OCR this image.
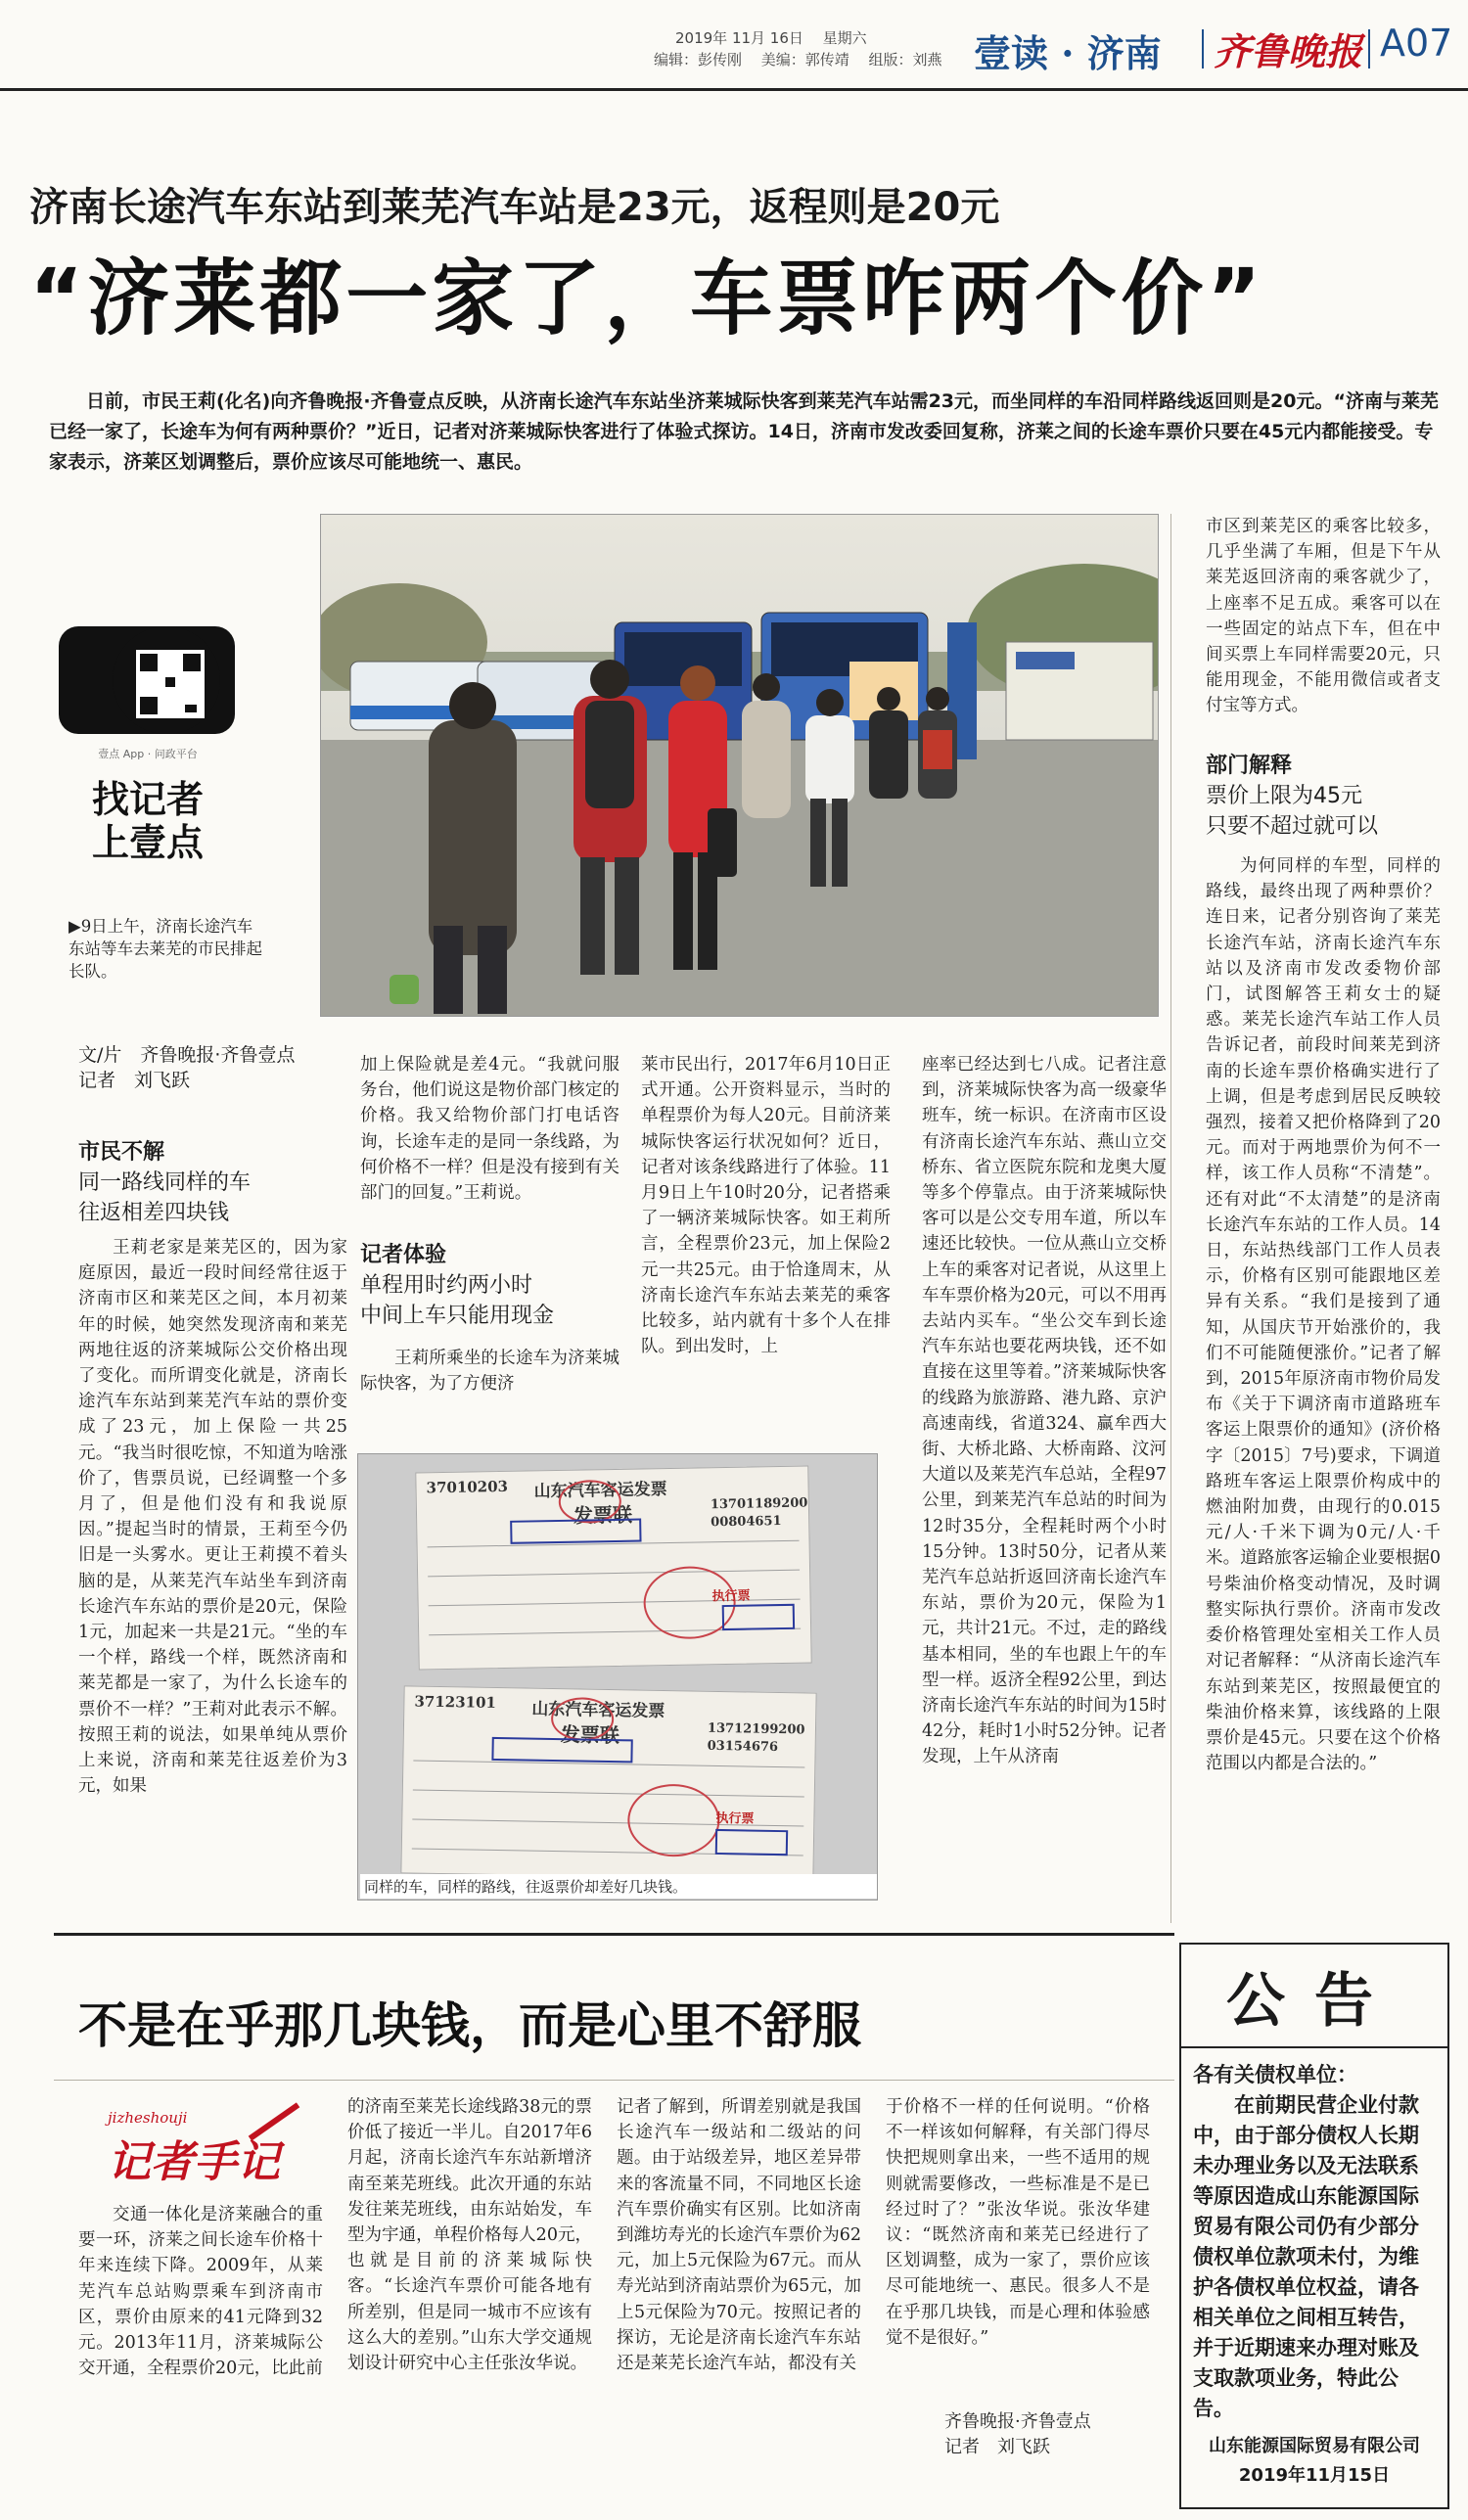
2019年 11月 16日　 星期六
编辑：彭传刚　 美编：郭传靖　 组版：刘燕 壹读 · 济南 齐鲁晚报 A07
济南长途汽车东站到莱芜汽车站是23元，返程则是20元
“济莱都一家了，车票咋两个价”
日前，市民王莉(化名)向齐鲁晚报·齐鲁壹点反映，从济南长途汽车东站坐济莱城际快客到莱芜汽车站需23元，而坐同样的车沿同样路线返回则是20元。“济南与莱芜已经一家了，长途车为何有两种票价？”近日，记者对济莱城际快客进行了体验式探访。14日，济南市发改委回复称，济莱之间的长途车票价只要在45元内都能接受。专家表示，济莱区划调整后，票价应该尽可能地统一、惠民。
壹点 App · 问政平台
找记者
上壹点
▶9日上午，济南长途汽车东站等车去莱芜的市民排起长队。
文/片　齐鲁晚报·齐鲁壹点
记者　刘飞跃
市民不解
同一路线同样的车
往返相差四块钱
王莉老家是莱芜区的，因为家庭原因，最近一段时间经常往返于济南市区和莱芜区之间，本月初莱年的时候，她突然发现济南和莱芜两地往返的济莱城际公交价格出现了变化。而所谓变化就是，济南长途汽车东站到莱芜汽车站的票价变成了23元，加上保险一共25元。“我当时很吃惊，不知道为啥涨价了，售票员说，已经调整一个多月了，但是他们没有和我说原因。”提起当时的情景，王莉至今仍旧是一头雾水。更让王莉摸不着头脑的是，从莱芜汽车站坐车到济南长途汽车东站的票价是20元，保险1元，加起来一共是21元。“坐的车一个样，路线一个样，既然济南和莱芜都是一家了，为什么长途车的票价不一样？”王莉对此表示不解。按照王莉的说法，如果单纯从票价上来说，济南和莱芜往返差价为3元，如果
加上保险就是差4元。“我就问服务台，他们说这是物价部门核定的价格。我又给物价部门打电话咨询，长途车走的是同一条线路，为何价格不一样？但是没有接到有关部门的回复。”王莉说。
记者体验
单程用时约两小时
中间上车只能用现金
王莉所乘坐的长途车为济莱城际快客，为了方便济
莱市民出行，2017年6月10日正式开通。公开资料显示，当时的单程票价为每人20元。目前济莱城际快客运行状况如何？近日，记者对该条线路进行了体验。11月9日上午10时20分，记者搭乘了一辆济莱城际快客。如王莉所言，全程票价23元，加上保险2元一共25元。由于恰逢周末，从济南长途汽车东站去莱芜的乘客比较多，站内就有十多个人在排队。到出发时，上
座率已经达到七八成。记者注意到，济莱城际快客为高一级豪华班车，统一标识。在济南市区设有济南长途汽车东站、燕山立交桥东、省立医院东院和龙奥大厦等多个停靠点。由于济莱城际快客可以是公交专用车道，所以车速还比较快。一位从燕山立交桥上车的乘客对记者说，从这里上车车票价格为20元，可以不用再去站内买车。“坐公交车到长途汽车东站也要花两块钱，还不如直接在这里等着。”济莱城际快客的线路为旅游路、港九路、京沪高速南线，省道324、赢牟西大街、大桥北路、大桥南路、汶河大道以及莱芜汽车总站，全程97公里，到莱芜汽车总站的时间为12时35分，全程耗时两个小时15分钟。13时50分，记者从莱芜汽车总站折返回济南长途汽车东站，票价为20元，保险为1元，共计21元。不过，走的路线基本相同，坐的车也跟上午的车型一样。返济全程92公里，到达济南长途汽车东站的时间为15时42分，耗时1小时52分钟。记者发现，上午从济南
市区到莱芜区的乘客比较多，几乎坐满了车厢，但是下午从莱芜返回济南的乘客就少了，上座率不足五成。乘客可以在一些固定的站点下车，但在中间买票上车同样需要20元，只能用现金，不能用微信或者支付宝等方式。
部门解释
票价上限为45元
只要不超过就可以
为何同样的车型，同样的路线，最终出现了两种票价？连日来，记者分别咨询了莱芜长途汽车站，济南长途汽车东站以及济南市发改委物价部门，试图解答王莉女士的疑惑。莱芜长途汽车站工作人员告诉记者，前段时间莱芜到济南的长途车票价格确实进行了上调，但是考虑到居民反映较强烈，接着又把价格降到了20元。而对于两地票价为何不一样，该工作人员称“不清楚”。还有对此“不太清楚”的是济南长途汽车东站的工作人员。14日，东站热线部门工作人员表示，价格有区别可能跟地区差异有关系。“我们是接到了通知，从国庆节开始涨价的，我们不可能随便涨价。”记者了解到，2015年原济南市物价局发布《关于下调济南市道路班车客运上限票价的通知》(济价格字〔2015〕7号)要求，下调道路班车客运上限票价构成中的燃油附加费，由现行的0.015元/人·千米下调为0元/人·千米。道路旅客运输企业要根据0号柴油价格变动情况，及时调整实际执行票价。济南市发改委价格管理处室相关工作人员对记者解释：“从济南长途汽车东站到莱芜区，按照最便宜的柴油价格来算，该线路的上限票价是45元。只要在这个价格范围以内都是合法的。”
37010203 山东汽车客运发票
发票联	13701189200
00804651
执行票
37123101 山东汽车客运发票
发票联	13712199200
03154676
执行票
同样的车，同样的路线，往返票价却差好几块钱。
不是在乎那几块钱，而是心里不舒服
jizheshouji
记者手记
交通一体化是济莱融合的重要一环，济莱之间长途车价格十年来连续下降。2009年，从莱芜汽车总站购票乘车到济南市区，票价由原来的41元降到32元。2013年11月，济莱城际公交开通，全程票价20元，比此前
的济南至莱芜长途线路38元的票价低了接近一半儿。自2017年6月起，济南长途汽车东站新增济南至莱芜班线。此次开通的东站发往莱芜班线，由东站始发，车型为宇通，单程价格每人20元，也就是目前的济莱城际快客。“长途汽车票价可能各地有所差别，但是同一城市不应该有这么大的差别。”山东大学交通规划设计研究中心主任张汝华说。
记者了解到，所谓差别就是我国长途汽车一级站和二级站的问题。由于站级差异，地区差异带来的客流量不同，不同地区长途汽车票价确实有区别。比如济南到潍坊寿光的长途汽车票价为62元，加上5元保险为67元。而从寿光站到济南站票价为65元，加上5元保险为70元。按照记者的探访，无论是济南长途汽车东站还是莱芜长途汽车站，都没有关
于价格不一样的任何说明。“价格不一样该如何解释，有关部门得尽快把规则拿出来，一些不适用的规则就需要修改，一些标准是不是已经过时了？”张汝华说。张汝华建议：“既然济南和莱芜已经进行了区划调整，成为一家了，票价应该尽可能地统一、惠民。很多人不是在乎那几块钱，而是心理和体验感觉不是很好。”
齐鲁晚报·齐鲁壹点
记者　刘飞跃
公告
各有关债权单位：
在前期民营企业付款中，由于部分债权人长期未办理业务以及无法联系等原因造成山东能源国际贸易有限公司仍有少部分债权单位款项未付，为维护各债权单位权益，请各相关单位之间相互转告，并于近期速来办理对账及支取款项业务，特此公告。
山东能源国际贸易有限公司
2019年11月15日
